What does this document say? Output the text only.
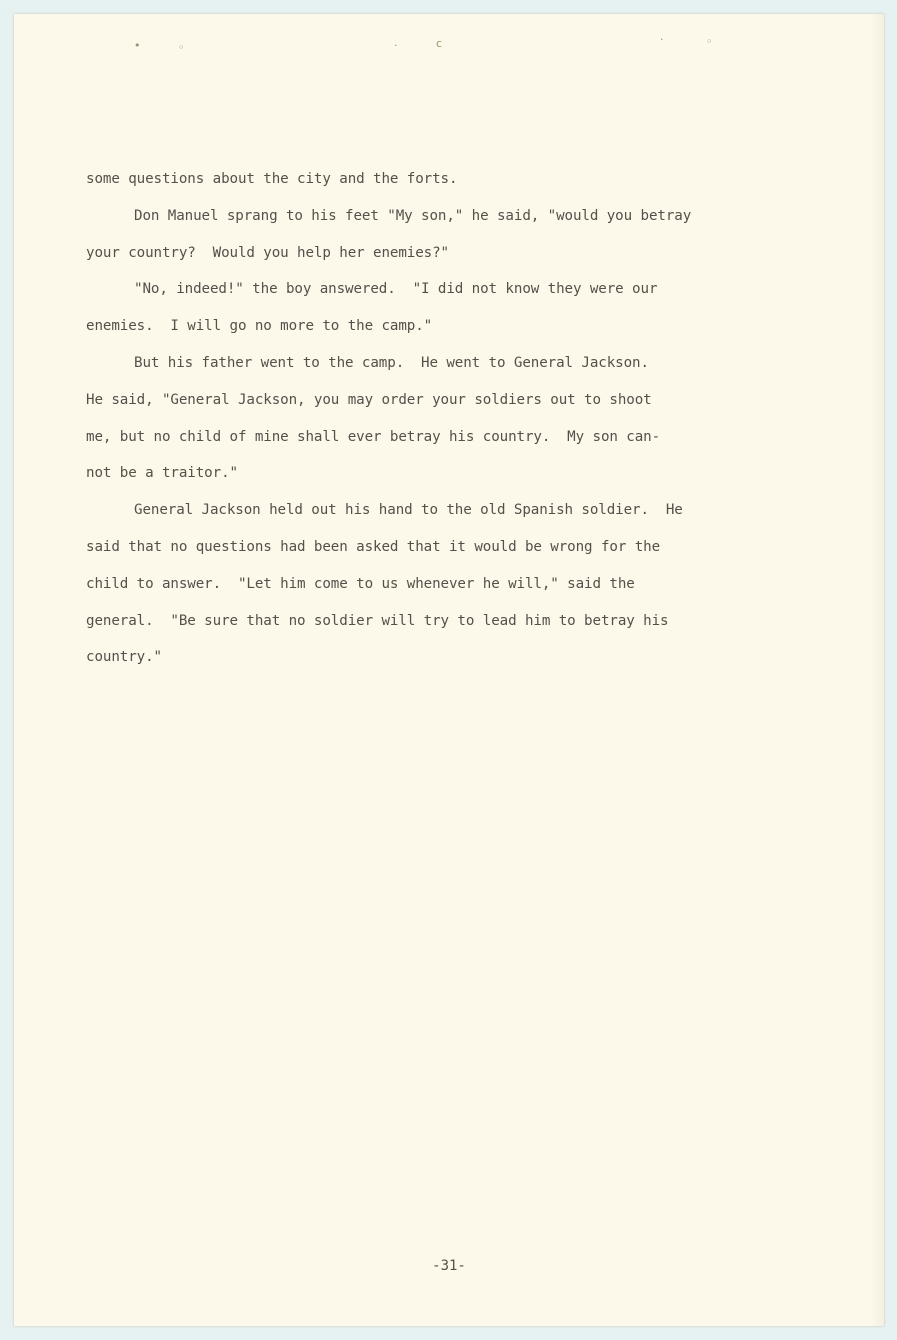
•	◦	·	c	·	◦
some questions about the city and the forts.
Don Manuel sprang to his feet "My son," he said, "would you betray
your country?  Would you help her enemies?"
"No, indeed!" the boy answered.  "I did not know they were our
enemies.  I will go no more to the camp."
But his father went to the camp.  He went to General Jackson.
He said, "General Jackson, you may order your soldiers out to shoot
me, but no child of mine shall ever betray his country.  My son can-
not be a traitor."
General Jackson held out his hand to the old Spanish soldier.  He
said that no questions had been asked that it would be wrong for the
child to answer.  "Let him come to us whenever he will," said the
general.  "Be sure that no soldier will try to lead him to betray his
country."
-31-
